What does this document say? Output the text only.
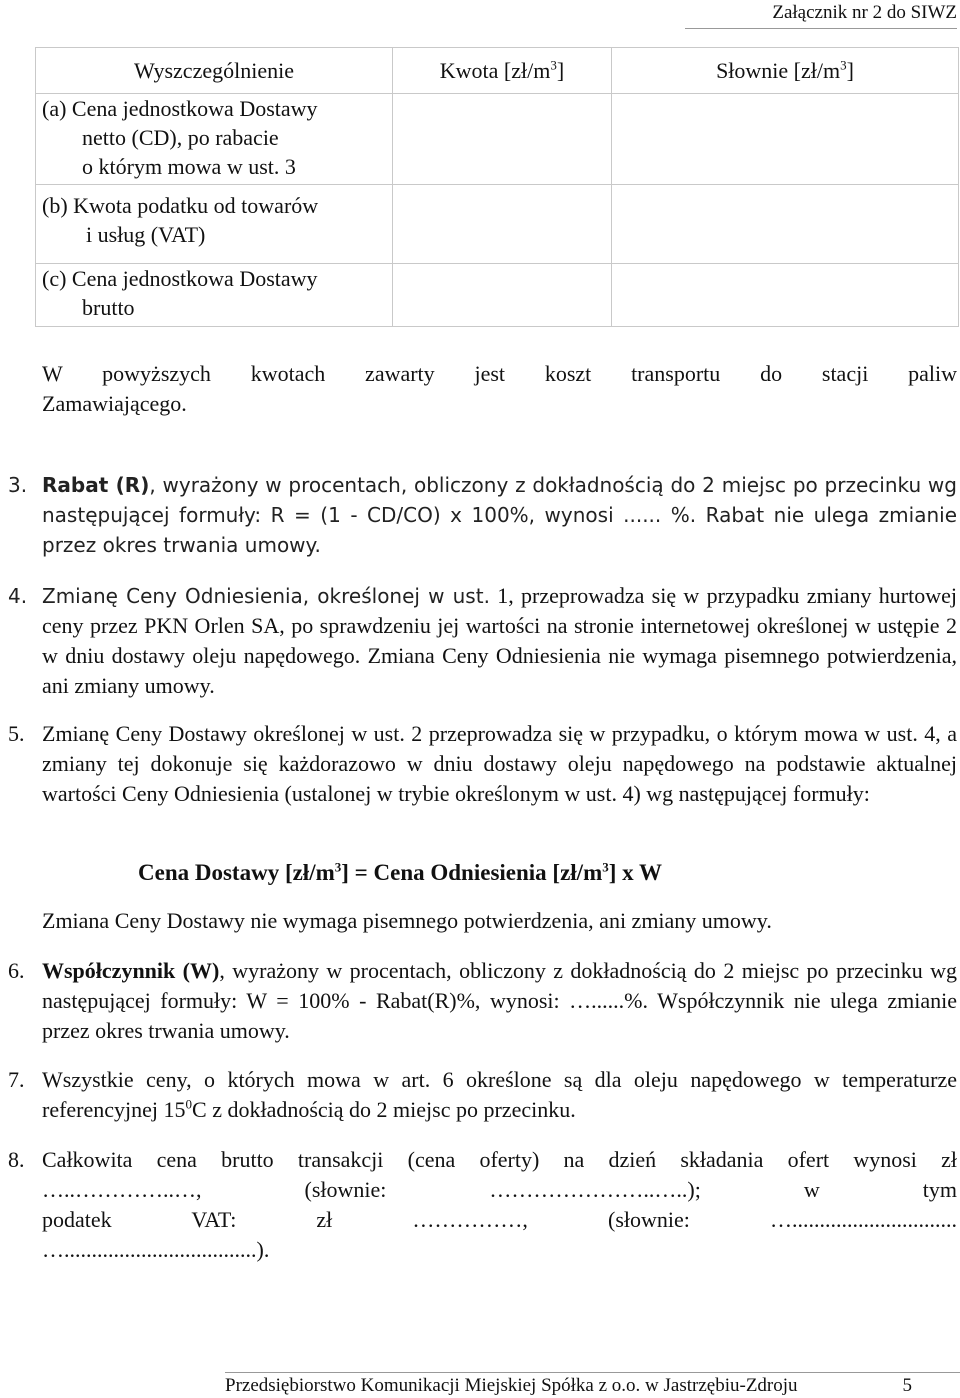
Załącznik nr 2 do SIWZ
Wyszczególnienie	Kwota $[zł/m^3]$	Słownie $[zł/m^3]$

(a) Cena jednostkowa Dostawy
netto (CD), po rabacie
o którym mowa w ust. 3		

(b) Kwota podatku od towarów
i usług (VAT)		

(c) Cena jednostkowa Dostawy
brutto		

W powyższych kwotach zawarty jest koszt transportu do stacji paliw
Zamawiającego.
3. Rabat (R), wyrażony w procentach, obliczony z dokładnością do 2 miejsc po przecinku wg następującej formuły: R = (1 - CD/CO) x 100%, wynosi ...... %. Rabat nie ulega zmianie przez okres trwania umowy.
4. Zmianę Ceny Odniesienia, określonej w ust. 1, przeprowadza się w przypadku zmiany hurtowej ceny przez PKN Orlen SA, po sprawdzeniu jej wartości na stronie internetowej określonej w ustępie 2 w dniu dostawy oleju napędowego. Zmiana Ceny Odniesienia nie wymaga pisemnego potwierdzenia, ani zmiany umowy.
5. Zmianę Ceny Dostawy określonej w ust. 2 przeprowadza się w przypadku, o którym mowa w ust. 4, a zmiany tej dokonuje się każdorazowo w dniu dostawy oleju napędowego na podstawie aktualnej wartości Ceny Odniesienia (ustalonej w trybie określonym w ust. 4) wg następującej formuły:
Cena Dostawy $[zł/m^3]$ = Cena Odniesienia $[zł/m^3]$ x W
Zmiana Ceny Dostawy nie wymaga pisemnego potwierdzenia, ani zmiany umowy.
6. Współczynnik (W), wyrażony w procentach, obliczony z dokładnością do 2 miejsc po przecinku wg następującej formuły: W = 100% - Rabat(R)%, wynosi: …......%. Współczynnik nie ulega zmianie przez okres trwania umowy.
7. Wszystkie ceny, o których mowa w art. 6 określone są dla oleju napędowego w temperaturze referencyjnej $15^0C$ z dokładnością do 2 miejsc po przecinku.
8. Całkowita cena brutto transakcji (cena oferty) na dzień składania ofert wynosi zł
…..…………..…, (słownie: …………………..…..); w tym
podatek VAT: zł ……………, (słownie: …..............................
…...................................).
Przedsiębiorstwo Komunikacji Miejskiej Spółka z o.o. w Jastrzębiu-Zdroju	5
